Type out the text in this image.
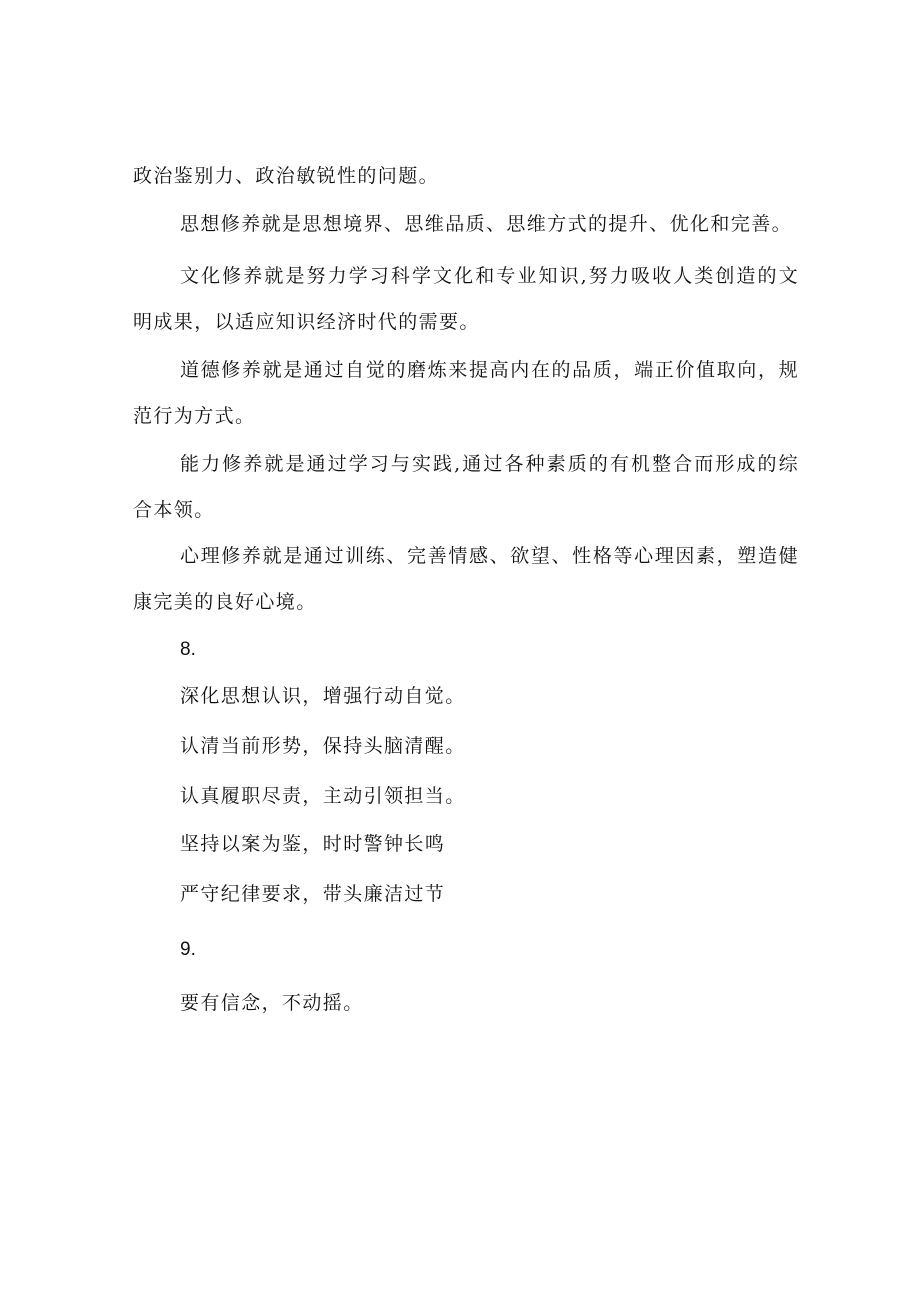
政治鉴别力、政治敏锐性的问题。
思想修养就是思想境界、思维品质、思维方式的提升、优化和完善。
文化修养就是努力学习科学文化和专业知识,努力吸收人类创造的文明成果，以适应知识经济时代的需要。
道德修养就是通过自觉的磨炼来提高内在的品质，端正价值取向，规范行为方式。
能力修养就是通过学习与实践,通过各种素质的有机整合而形成的综合本领。
心理修养就是通过训练、完善情感、欲望、性格等心理因素，塑造健康完美的良好心境。
8.
深化思想认识，增强行动自觉。
认清当前形势，保持头脑清醒。
认真履职尽责，主动引领担当。
坚持以案为鉴，时时警钟长鸣
严守纪律要求，带头廉洁过节
9.
要有信念，不动摇。
